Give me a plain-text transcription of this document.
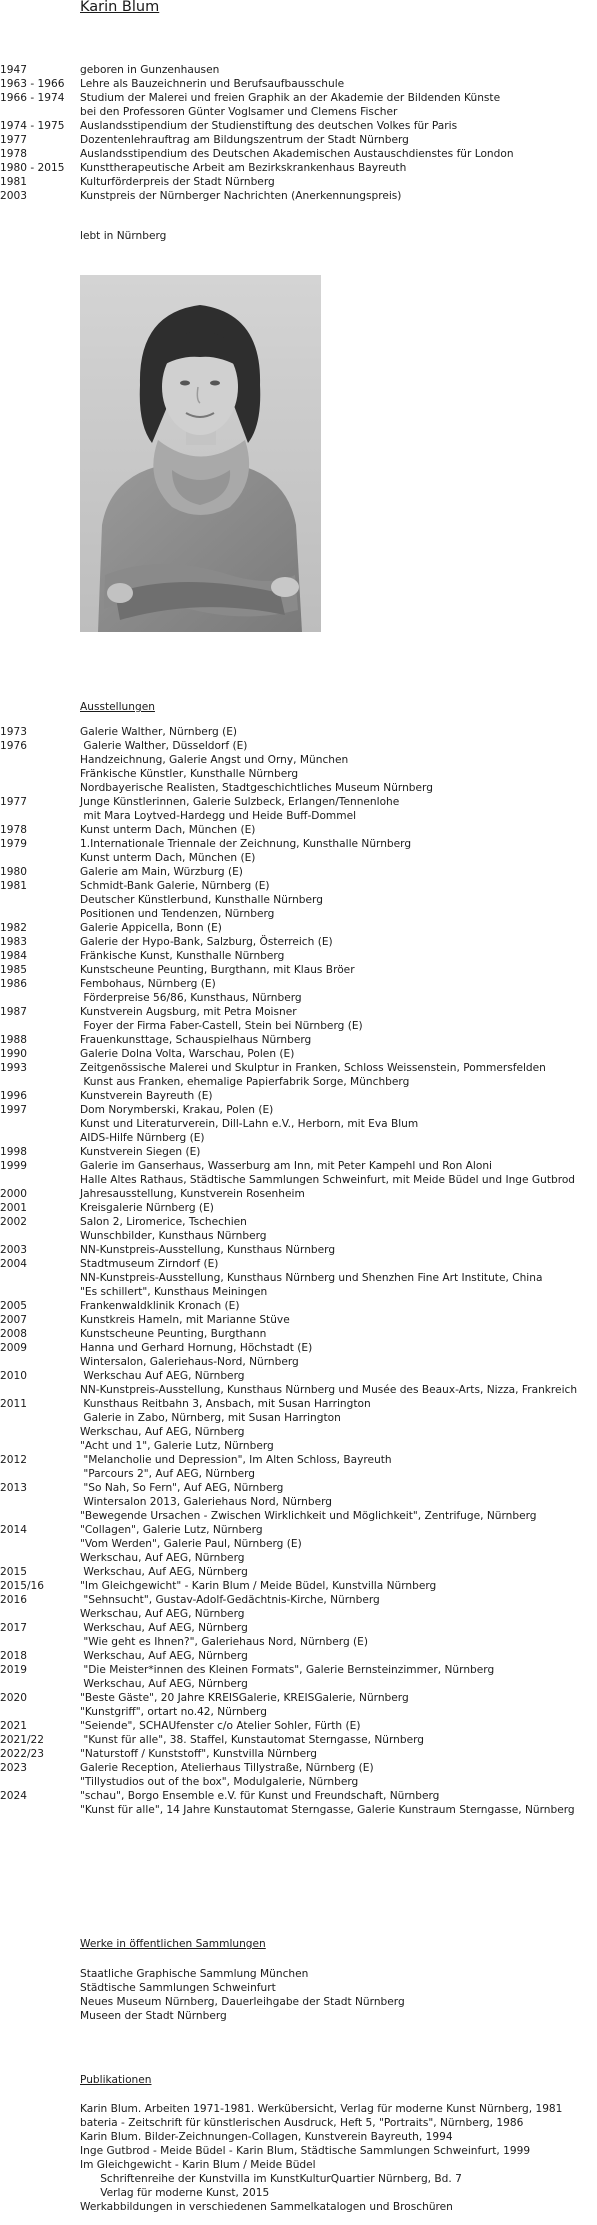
Karin Blum
1947	geboren in Gunzenhausen
1963 - 1966	Lehre als Bauzeichnerin und Berufsaufbausschule
1966 - 1974	Studium der Malerei und freien Graphik an der Akademie der Bildenden Künste
bei den Professoren Günter Voglsamer und Clemens Fischer
1974 - 1975	Auslandsstipendium der Studienstiftung des deutschen Volkes für Paris
1977	Dozentenlehrauftrag am Bildungszentrum der Stadt Nürnberg
1978	Auslandsstipendium des Deutschen Akademischen Austauschdienstes für London
1980 - 2015	Kunsttherapeutische Arbeit am Bezirkskrankenhaus Bayreuth
1981	Kulturförderpreis der Stadt Nürnberg
2003	Kunstpreis der Nürnberger Nachrichten (Anerkennungspreis)
lebt in Nürnberg
Ausstellungen
1973	Galerie Walther, Nürnberg (E)
1976	Galerie Walther, Düsseldorf (E)
Handzeichnung, Galerie Angst und Orny, München
Fränkische Künstler, Kunsthalle Nürnberg
Nordbayerische Realisten, Stadtgeschichtliches Museum Nürnberg
1977	Junge Künstlerinnen, Galerie Sulzbeck, Erlangen/Tennenlohe
mit Mara Loytved-Hardegg und Heide Buff-Dommel
1978	Kunst unterm Dach, München (E)
1979	1.Internationale Triennale der Zeichnung, Kunsthalle Nürnberg
Kunst unterm Dach, München (E)
1980	Galerie am Main, Würzburg (E)
1981	Schmidt-Bank Galerie, Nürnberg (E)
Deutscher Künstlerbund, Kunsthalle Nürnberg
Positionen und Tendenzen, Nürnberg
1982	Galerie Appicella, Bonn (E)
1983	Galerie der Hypo-Bank, Salzburg, Österreich (E)
1984	Fränkische Kunst, Kunsthalle Nürnberg
1985	Kunstscheune Peunting, Burgthann, mit Klaus Bröer
1986	Fembohaus, Nürnberg (E)
Förderpreise 56/86, Kunsthaus, Nürnberg
1987	Kunstverein Augsburg, mit Petra Moisner
Foyer der Firma Faber-Castell, Stein bei Nürnberg (E)
1988	Frauenkunsttage, Schauspielhaus Nürnberg
1990	Galerie Dolna Volta, Warschau, Polen (E)
1993	Zeitgenössische Malerei und Skulptur in Franken, Schloss Weissenstein, Pommersfelden
Kunst aus Franken, ehemalige Papierfabrik Sorge, Münchberg
1996	Kunstverein Bayreuth (E)
1997	Dom Norymberski, Krakau, Polen (E)
Kunst und Literaturverein, Dill-Lahn e.V., Herborn, mit Eva Blum
AIDS-Hilfe Nürnberg (E)
1998	Kunstverein Siegen (E)
1999	Galerie im Ganserhaus, Wasserburg am Inn, mit Peter Kampehl und Ron Aloni
Halle Altes Rathaus, Städtische Sammlungen Schweinfurt, mit Meide Büdel und Inge Gutbrod
2000	Jahresausstellung, Kunstverein Rosenheim
2001	Kreisgalerie Nürnberg (E)
2002	Salon 2, Liromerice, Tschechien
Wunschbilder, Kunsthaus Nürnberg
2003	NN-Kunstpreis-Ausstellung, Kunsthaus Nürnberg
2004	Stadtmuseum Zirndorf (E)
NN-Kunstpreis-Ausstellung, Kunsthaus Nürnberg und Shenzhen Fine Art Institute, China
"Es schillert", Kunsthaus Meiningen
2005	Frankenwaldklinik Kronach (E)
2007	Kunstkreis Hameln, mit Marianne Stüve
2008	Kunstscheune Peunting, Burgthann
2009	Hanna und Gerhard Hornung, Höchstadt (E)
Wintersalon, Galeriehaus-Nord, Nürnberg
2010	Werkschau Auf AEG, Nürnberg
NN-Kunstpreis-Ausstellung, Kunsthaus Nürnberg und Musée des Beaux-Arts, Nizza, Frankreich
2011	Kunsthaus Reitbahn 3, Ansbach, mit Susan Harrington
Galerie in Zabo, Nürnberg, mit Susan Harrington
Werkschau, Auf AEG, Nürnberg
"Acht und 1", Galerie Lutz, Nürnberg
2012	"Melancholie und Depression", Im Alten Schloss, Bayreuth
"Parcours 2", Auf AEG, Nürnberg
2013	"So Nah, So Fern", Auf AEG, Nürnberg
Wintersalon 2013, Galeriehaus Nord, Nürnberg
"Bewegende Ursachen - Zwischen Wirklichkeit und Möglichkeit", Zentrifuge, Nürnberg
2014	"Collagen", Galerie Lutz, Nürnberg
"Vom Werden", Galerie Paul, Nürnberg (E)
Werkschau, Auf AEG, Nürnberg
2015	Werkschau, Auf AEG, Nürnberg
2015/16	"Im Gleichgewicht" - Karin Blum / Meide Büdel, Kunstvilla Nürnberg
2016	"Sehnsucht", Gustav-Adolf-Gedächtnis-Kirche, Nürnberg
Werkschau, Auf AEG, Nürnberg
2017	Werkschau, Auf AEG, Nürnberg
"Wie geht es Ihnen?", Galeriehaus Nord, Nürnberg (E)
2018	Werkschau, Auf AEG, Nürnberg
2019	"Die Meister*innen des Kleinen Formats", Galerie Bernsteinzimmer, Nürnberg
Werkschau, Auf AEG, Nürnberg
2020	"Beste Gäste", 20 Jahre KREISGalerie, KREISGalerie, Nürnberg
"Kunstgriff", ortart no.42, Nürnberg
2021	"Seiende", SCHAUfenster c/o Atelier Sohler, Fürth (E)
2021/22	"Kunst für alle", 38. Staffel, Kunstautomat Sterngasse, Nürnberg
2022/23	"Naturstoff / Kunststoff", Kunstvilla Nürnberg
2023	Galerie Reception, Atelierhaus Tillystraße, Nürnberg (E)
"Tillystudios out of the box", Modulgalerie, Nürnberg
2024	"schau", Borgo Ensemble e.V. für Kunst und Freundschaft, Nürnberg
"Kunst für alle", 14 Jahre Kunstautomat Sterngasse, Galerie Kunstraum Sterngasse, Nürnberg
Werke in öffentlichen Sammlungen
Staatliche Graphische Sammlung München
Städtische Sammlungen Schweinfurt
Neues Museum Nürnberg, Dauerleihgabe der Stadt Nürnberg
Museen der Stadt Nürnberg
Publikationen
Karin Blum. Arbeiten 1971-1981. Werkübersicht, Verlag für moderne Kunst Nürnberg, 1981
bateria - Zeitschrift für künstlerischen Ausdruck, Heft 5, "Portraits", Nürnberg, 1986
Karin Blum. Bilder-Zeichnungen-Collagen, Kunstverein Bayreuth, 1994
Inge Gutbrod - Meide Büdel - Karin Blum, Städtische Sammlungen Schweinfurt, 1999
Im Gleichgewicht - Karin Blum / Meide Büdel
Schriftenreihe der Kunstvilla im KunstKulturQuartier Nürnberg, Bd. 7
Verlag für moderne Kunst, 2015
Werkabbildungen in verschiedenen Sammelkatalogen und Broschüren
